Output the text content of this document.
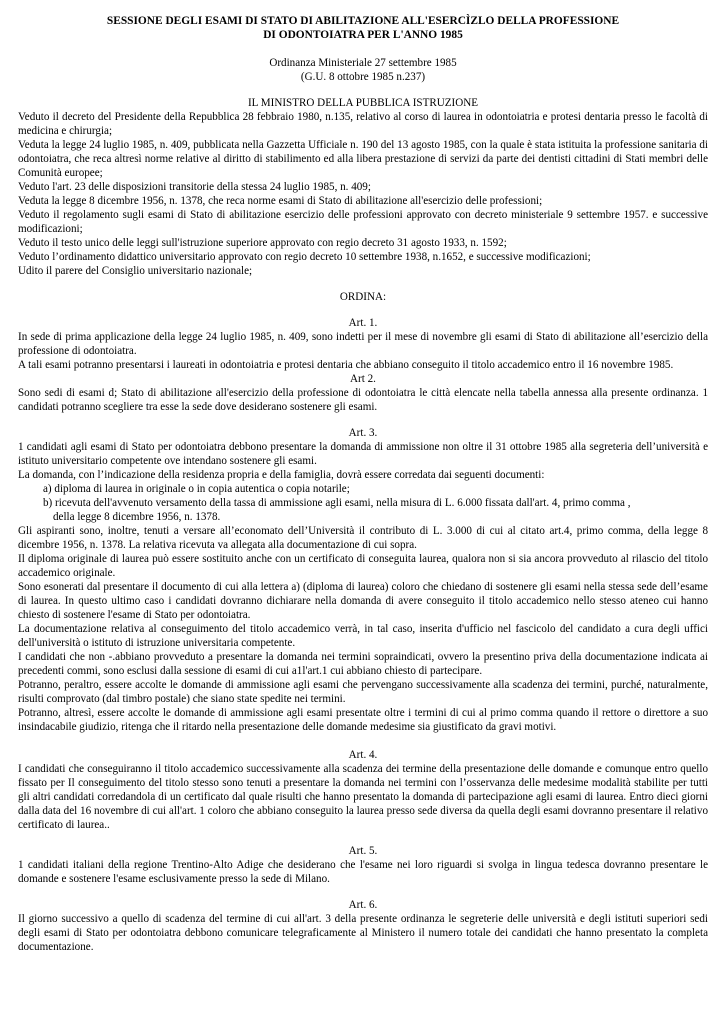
SESSIONE DEGLI ESAMI DI STATO DI ABILITAZIONE ALL'ESERCÌZLO DELLA PROFESSIONE
DI ODONTOIATRA PER L'ANNO 1985
Ordinanza Ministeriale 27 settembre 1985
(G.U. 8 ottobre 1985 n.237)
IL MINISTRO DELLA PUBBLICA ISTRUZIONE

Veduto il decreto del Presidente della Repubblica 28 febbraio 1980, n.135, relativo al corso di laurea in odontoiatria e protesi dentaria presso le facoltà di medicina e chirurgia;

Veduta la legge 24 luglio 1985, n. 409, pubblicata nella Gazzetta Ufficiale n. 190 del 13 agosto 1985, con la quale è stata istituita la professione sanitaria di odontoiatra, che reca altresì norme relative al diritto di stabilimento ed alla libera prestazione di servizi da parte dei dentisti cittadini di Stati membri delle Comunità europee;

Veduto l'art. 23 delle disposizioni transitorie della stessa 24 luglio 1985, n. 409;

Veduta la legge 8 dicembre 1956, n. 1378, che reca norme esami di Stato di abilitazione all'esercizio delle professioni;

Veduto il regolamento sugli esami di Stato di abilitazione esercizio delle professioni approvato con decreto ministeriale 9 settembre 1957. e successive modificazioni;

Veduto il testo unico delle leggi sull'istruzione superiore approvato con regio decreto 31 agosto 1933, n. 1592;

Veduto l’ordinamento didattico universitario approvato con regio decreto 10 settembre 1938, n.1652, e successive modificazioni;

Udito il parere del Consiglio universitario nazionale;

ORDINA:
Art. 1.

In sede di prima applicazione della legge 24 luglio 1985, n. 409, sono indetti per il mese di novembre gli esami di Stato di abilitazione all’esercizio della professione di odontoiatra.

A tali esami potranno presentarsi i laureati in odontoiatria e protesi dentaria che abbiano conseguito il titolo accademico entro il 16 novembre 1985.

Art 2.

Sono sedi di esami d; Stato di abilitazione all'esercizio della professione di odontoiatra le città elencate nella tabella annessa alla presente ordinanza. 1 candidati potranno scegliere tra esse la sede dove desiderano sostenere gli esami.

Art. 3.

1 candidati agli esami di Stato per odontoiatra debbono presentare la domanda di ammissione non oltre il 31 ottobre 1985 alla segreteria dell’università e istituto universitario competente ove intendano sostenere gli esami.

La domanda, con l’indicazione della residenza propria e della famiglia, dovrà essere corredata dai seguenti documenti:

a) diploma di laurea in originale o in copia autentica o copia notarile;

b) ricevuta dell'avvenuto versamento della tassa di ammissione agli esami, nella misura di L. 6.000 fissata dall'art. 4, primo comma ,

della legge 8 dicembre 1956, n. 1378.

Gli aspiranti sono, inoltre, tenuti a versare all’economato dell’Università il contributo di L. 3.000 di cui al citato art.4, primo comma, della legge 8 dicembre 1956, n. 1378. La relativa ricevuta va allegata alla documentazione di cui sopra.

Il diploma originale di laurea può essere sostituito anche con un certificato di conseguita laurea, qualora non si sia ancora provveduto al rilascio del titolo accademico originale.

Sono esonerati dal presentare il documento di cui alla lettera a) (diploma di laurea) coloro che chiedano di sostenere gli esami nella stessa sede dell’esame di laurea. In questo ultimo caso i candidati dovranno dichiarare nella domanda di avere conseguito il titolo accademico nello stesso ateneo cui hanno chiesto di sostenere l'esame di Stato per odontoiatra.

La documentazione relativa al conseguimento del titolo accademico verrà, in tal caso, inserita d'ufficio nel fascicolo del candidato a cura degli uffici dell'università o istituto di istruzione universitaria competente.

I candidati che non -.abbiano provveduto a presentare la domanda nei termini sopraindicati, ovvero la presentino priva della documentazione indicata ai precedenti commi, sono esclusi dalla sessione di esami di cui a1l'art.1 cui abbiano chiesto di partecipare.

Potranno, peraltro, essere accolte le domande di ammissione agli esami che pervengano successivamente alla scadenza dei termini, purché, naturalmente, risulti comprovato (dal timbro postale) che siano state spedite nei termini.

Potranno, altresì, essere accolte le domande di ammissione agli esami presentate oltre i termini di cui al primo comma quando il rettore o direttore a suo insindacabile giudizio, ritenga che il ritardo nella presentazione delle domande medesime sia giustificato da gravi motivi.

Art. 4.

I candidati che conseguiranno il titolo accademico successivamente alla scadenza dei termine della presentazione delle domande e comunque entro quello fissato per Il conseguimento del titolo stesso sono tenuti a presentare la domanda nei termini con l’osservanza delle medesime modalità stabilite per tutti gli altri candidati corredandola di un certificato dal quale risulti che hanno presentato la domanda di partecipazione agli esami di laurea. Entro dieci giorni dalla data del 16 novembre di cui all'art. 1 coloro che abbiano conseguito la laurea presso sede diversa da quella degli esami dovranno presentare il relativo certificato di laurea..

Art. 5.

1 candidati italiani della regione Trentino-Alto Adige che desiderano che l'esame nei loro riguardi si svolga in lingua tedesca dovranno presentare le domande e sostenere l'esame esclusivamente presso la sede di Milano.

Art. 6.

Il giorno successivo a quello di scadenza del termine di cui all'art. 3 della presente ordinanza le segreterie delle università e degli istituti superiori sedi degli esami di Stato per odontoiatra debbono comunicare telegraficamente al Ministero il numero totale dei candidati che hanno presentato la completa documentazione.
